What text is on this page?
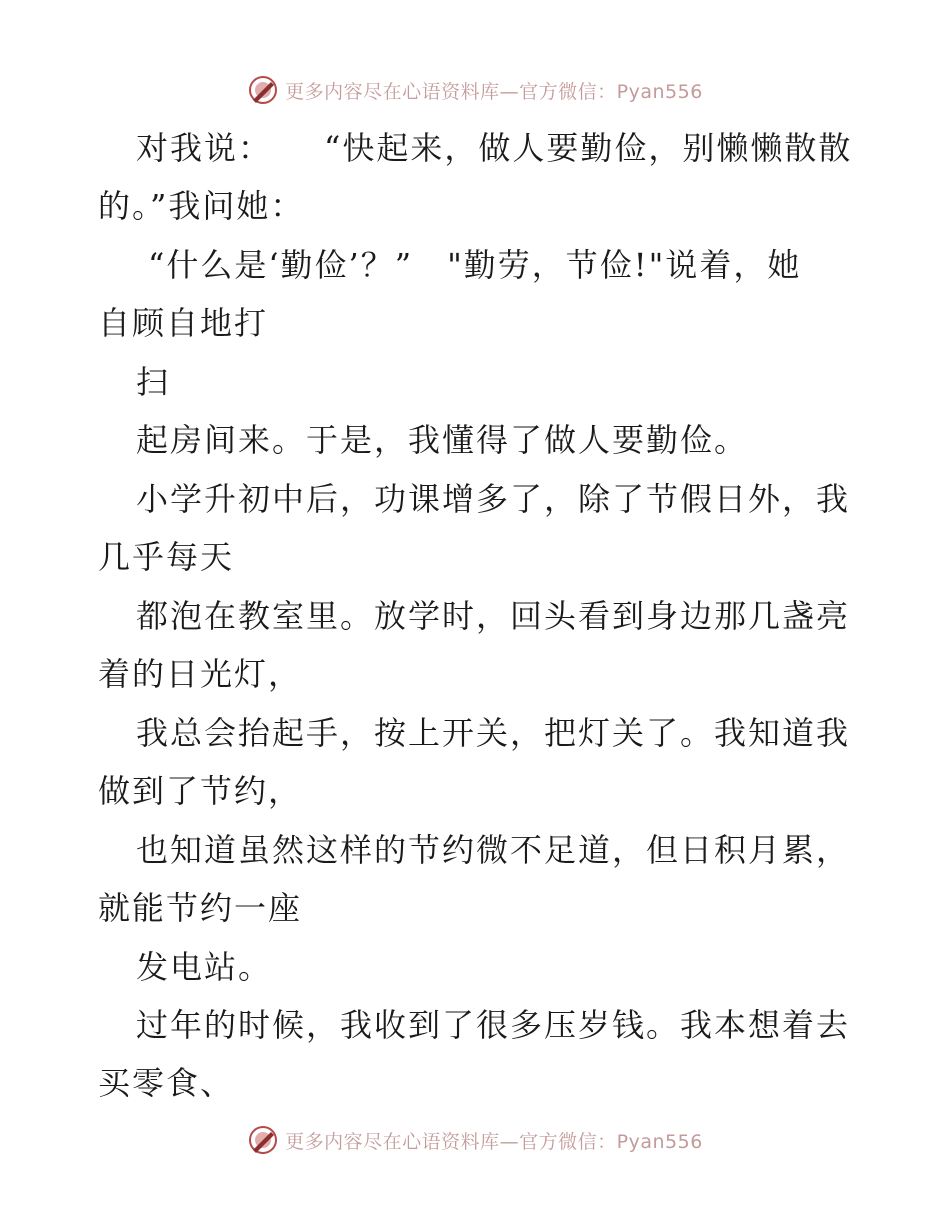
更多内容尽在心语资料库—官方微信：Pyan556
对我说：　　“快起来，做人要勤俭，别懒懒散散
的。”我问她：
“什么是‘勤俭’？”　"勤劳，节俭!"说着，她
自顾自地打
扫
起房间来。于是，我懂得了做人要勤俭。
小学升初中后，功课增多了，除了节假日外，我
几乎每天
都泡在教室里。放学时，回头看到身边那几盏亮
着的日光灯，
我总会抬起手，按上开关，把灯关了。我知道我
做到了节约，
也知道虽然这样的节约微不足道，但日积月累，
就能节约一座
发电站。
过年的时候，我收到了很多压岁钱。我本想着去
买零食、
更多内容尽在心语资料库—官方微信：Pyan556
